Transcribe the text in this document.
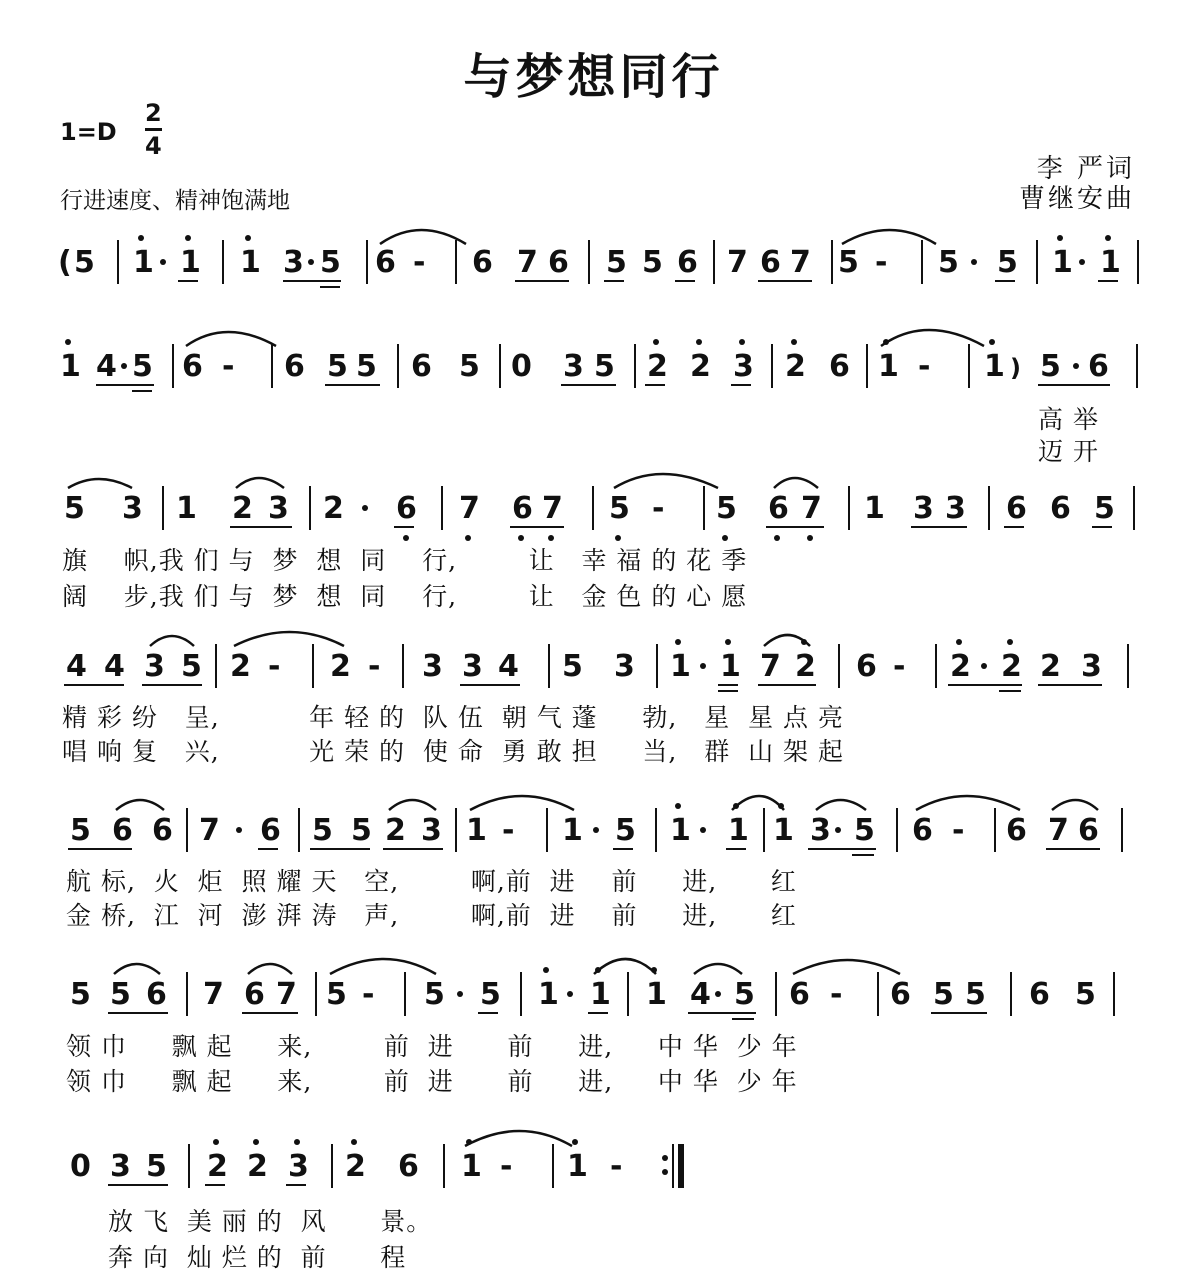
与梦想同行
1=D
2
4
行进速度、精神饱满地
李 严词
曹继安曲
( 5 1 1 1 3 5 6 - 6 7 6 5 5 6 7 6 7 5 - 5 5 1 1
1 4 5 6 - 6 5 5 6 5 0 3 5 2 2 3 2 6 1 - 1 ) 5 6
5 3 1 2 3 2 6 7 6 7 5 - 5 6 7 1 3 3 6 6 5
4 4 3 5 2 - 2 - 3 3 4 5 3 1 1 7 2 6 - 2 2 2 3
5 6 6 7 6 5 5 2 3 1 - 1 5 1 1 1 3 5 6 - 6 7 6
5 5 6 7 6 7 5 - 5 5 1 1 1 4 5 6 - 6 5 5 6 5
0 3 5 2 2 3 2 6 1 - 1 -
高 举
迈 开
旗    帜,我 们 与  梦  想  同    行,        让   幸 福 的 花 季
阔    步,我 们 与  梦  想  同    行,        让   金 色 的 心 愿
精 彩 纷   呈,          年 轻 的  队 伍  朝 气 蓬     勃,   星  星 点 亮
唱 响 复   兴,          光 荣 的  使 命  勇 敢 担     当,   群  山 架 起
航 标,  火  炬  照 耀 天   空,        啊,前  进    前     进,      红
金 桥,  江  河  澎 湃 涛   声,        啊,前  进    前     进,      红
领 巾     飘 起     来,        前  进      前     进,     中 华  少 年
领 巾     飘 起     来,        前  进      前     进,     中 华  少 年
放 飞  美 丽 的  风      景。
奔 向  灿 烂 的  前      程
